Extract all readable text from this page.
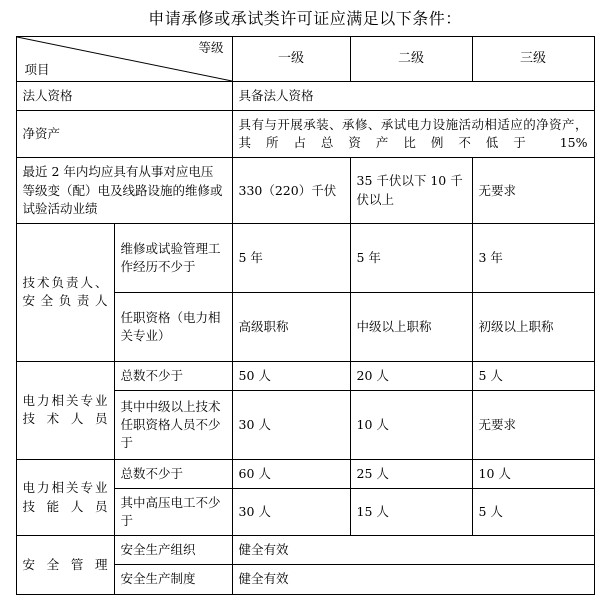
申请承修或承试类许可证应满足以下条件：
等级
项目		一级	二级	三级
法人资格		具备法人资格		
净资产		具有与开展承装、承修、承试电力设施活动相适应的净资产，其所占总资产比例不低于 15%		
最近 2 年内均应具有从事对应电压等级变（配）电及线路设施的维修或试验活动业绩		330（220）千伏	35 千伏以下 10 千伏以上	无要求
技术负责人、安全负责人	维修或试验管理工作经历不少于	5 年	5 年	3 年
	任职资格（电力相关专业）	高级职称	中级以上职称	初级以上职称
电力相关专业技术人员	总数不少于	50 人	20 人	5 人
	其中中级以上技术任职资格人员不少于	30 人	10 人	无要求
电力相关专业技能人员	总数不少于	60 人	25 人	10 人
	其中高压电工不少于	30 人	15 人	5 人
安全管理	安全生产组织	健全有效		
	安全生产制度	健全有效		
